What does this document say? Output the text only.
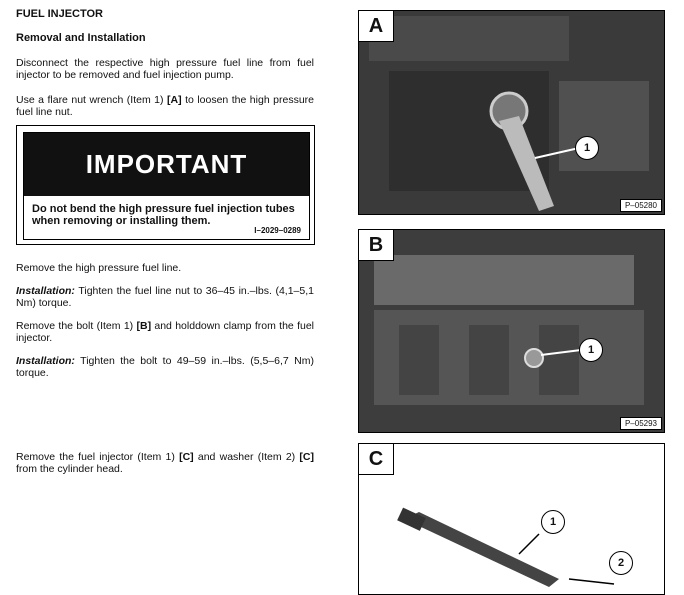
FUEL INJECTOR
Removal and Installation
Disconnect the respective high pressure fuel line from fuel injector to be removed and fuel injection pump.
Use a flare nut wrench (Item 1) [A] to loosen the high pressure fuel line nut.
IMPORTANT
Do not bend the high pressure fuel injection tubes when removing or installing them.
I–2029–0289
Remove the high pressure fuel line.
Installation: Tighten the fuel line nut to 36–45 in.–lbs. (4,1–5,1 Nm) torque.
Remove the bolt (Item 1) [B] and holddown clamp from the fuel injector.
Installation: Tighten the bolt to 49–59 in.–lbs. (5,5–6,7 Nm) torque.
Remove the fuel injector (Item 1) [C] and washer (Item 2) [C] from the cylinder head.
A
1
P–05280
B
1
P–05293
C
1
2
